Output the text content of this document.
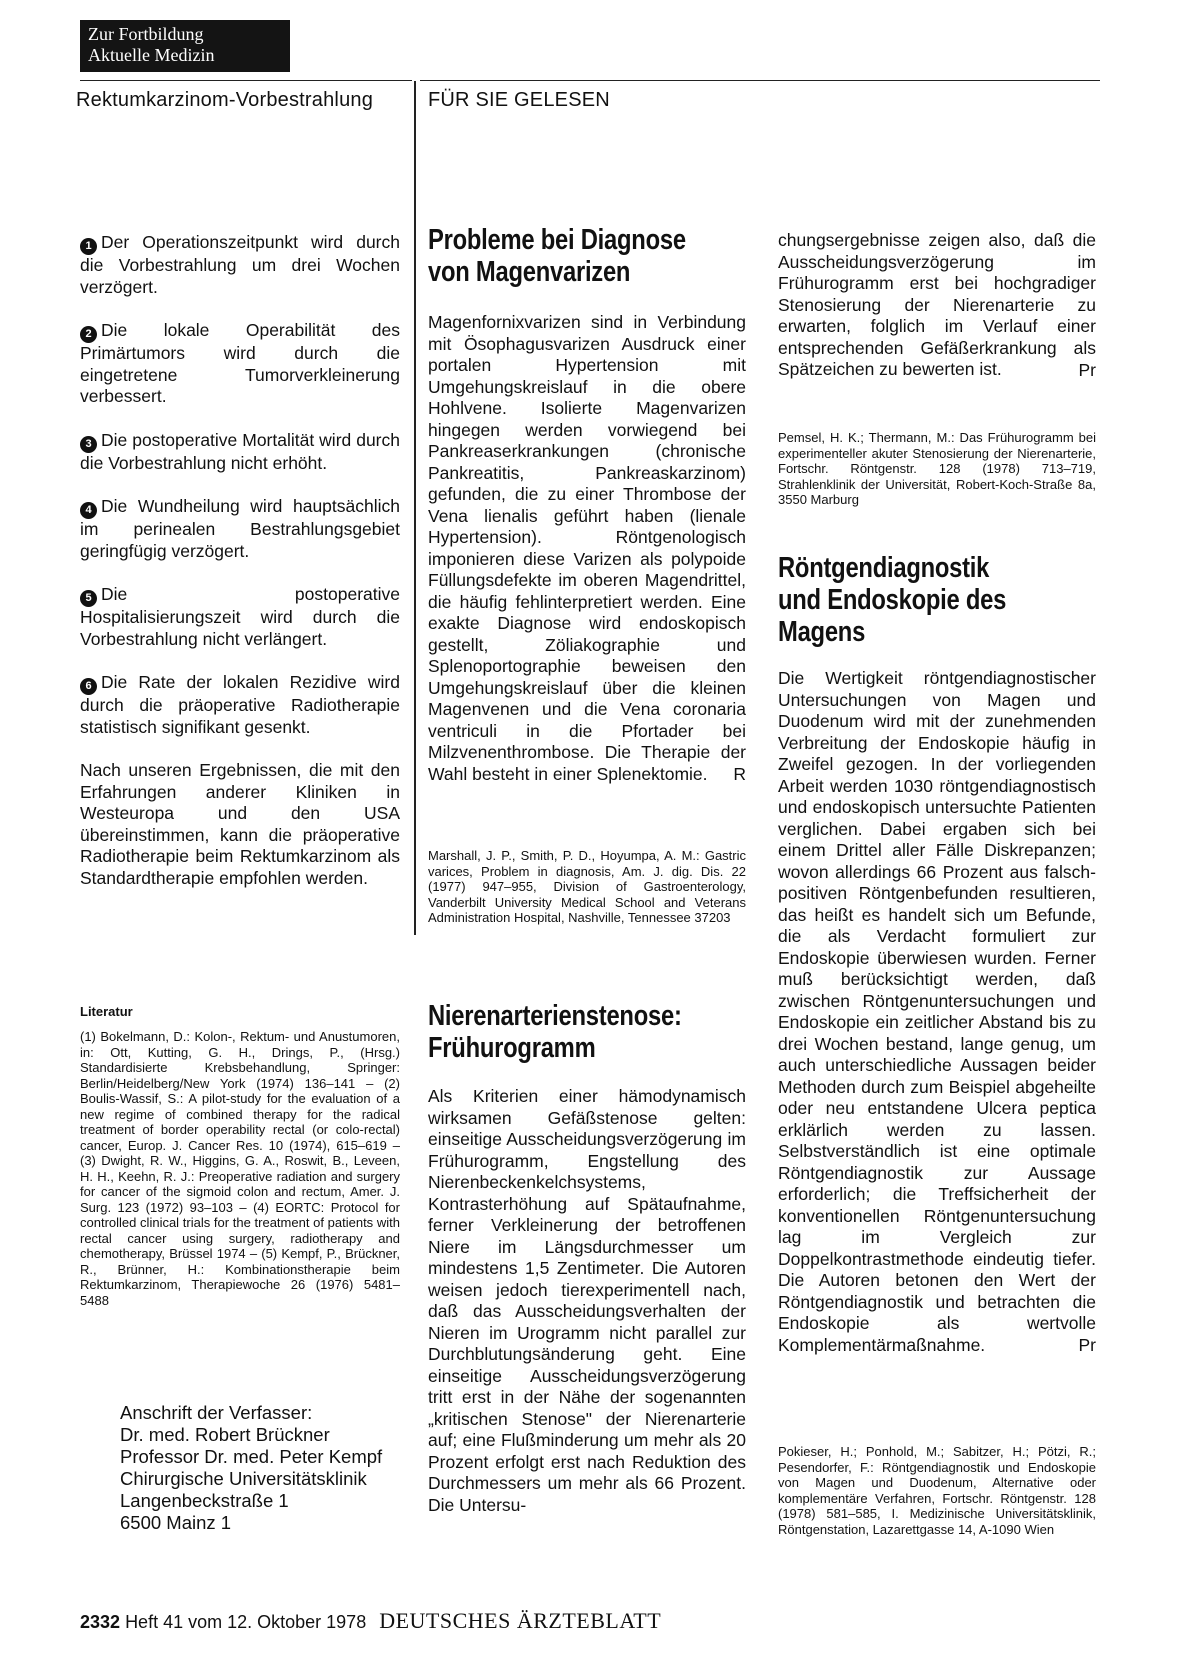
Zur Fortbildung
Aktuelle Medizin
Rektumkarzinom-Vorbestrahlung	FÜR SIE GELESEN

1 Der Operationszeitpunkt wird durch die Vorbestrahlung um drei Wochen verzögert.

2 Die lokale Operabilität des Primärtumors wird durch die eingetretene Tumorverkleinerung verbessert.

3 Die postoperative Mortalität wird durch die Vorbestrahlung nicht erhöht.

4 Die Wundheilung wird hauptsächlich im perinealen Bestrahlungsgebiet geringfügig verzögert.

5 Die postoperative Hospitalisierungszeit wird durch die Vorbestrahlung nicht verlängert.

6 Die Rate der lokalen Rezidive wird durch die präoperative Radiotherapie statistisch signifikant gesenkt.

Nach unseren Ergebnissen, die mit den Erfahrungen anderer Kliniken in Westeuropa und den USA übereinstimmen, kann die präoperative Radiotherapie beim Rektumkarzinom als Standardtherapie empfohlen werden.

Literatur
(1) Bokelmann, D.: Kolon-, Rektum- und Anustumoren, in: Ott, Kutting, G. H., Drings, P., (Hrsg.) Standardisierte Krebsbehandlung, Springer: Berlin/Heidelberg/New York (1974) 136–141 – (2) Boulis-Wassif, S.: A pilot-study for the evaluation of a new regime of combined therapy for the radical treatment of border operability rectal (or colo-rectal) cancer, Europ. J. Cancer Res. 10 (1974), 615–619 – (3) Dwight, R. W., Higgins, G. A., Roswit, B., Leveen, H. H., Keehn, R. J.: Preoperative radiation and surgery for cancer of the sigmoid colon and rectum, Amer. J. Surg. 123 (1972) 93–103 – (4) EORTC: Protocol for controlled clinical trials for the treatment of patients with rectal cancer using surgery, radiotherapy and chemotherapy, Brüssel 1974 – (5) Kempf, P., Brückner, R., Brünner, H.: Kombinationstherapie beim Rektumkarzinom, Therapiewoche 26 (1976) 5481–5488
Anschrift der Verfasser:
Dr. med. Robert Brückner
Professor Dr. med. Peter Kempf
Chirurgische Universitätsklinik
Langenbeckstraße 1
6500 Mainz 1
Probleme bei Diagnose von Magenvarizen

Magenfornixvarizen sind in Verbindung mit Ösophagusvarizen Ausdruck einer portalen Hypertension mit Umgehungskreislauf in die obere Hohlvene. Isolierte Magenvarizen hingegen werden vorwiegend bei Pankreaserkrankungen (chronische Pankreatitis, Pankreaskarzinom) gefunden, die zu einer Thrombose der Vena lienalis geführt haben (lienale Hypertension). Röntgenologisch imponieren diese Varizen als polypoide Füllungsdefekte im oberen Magendrittel, die häufig fehlinterpretiert werden. Eine exakte Diagnose wird endoskopisch gestellt, Zöliakographie und Splenoportographie beweisen den Umgehungskreislauf über die kleinen Magenvenen und die Vena coronaria ventriculi in die Pfortader bei Milzvenenthrombose. Die Therapie der Wahl besteht in einer Splenektomie.	R
Marshall, J. P., Smith, P. D., Hoyumpa, A. M.: Gastric varices, Problem in diagnosis, Am. J. dig. Dis. 22 (1977) 947–955, Division of Gastroenterology, Vanderbilt University Medical School and Veterans Administration Hospital, Nashville, Tennessee 37203
Nierenarterienstenose: Frühurogramm

Als Kriterien einer hämodynamisch wirksamen Gefäßstenose gelten: einseitige Ausscheidungsverzögerung im Frühurogramm, Engstellung des Nierenbeckenkelchsystems, Kontrasterhöhung auf Spätaufnahme, ferner Verkleinerung der betroffenen Niere im Längsdurchmesser um mindestens 1,5 Zentimeter. Die Autoren weisen jedoch tierexperimentell nach, daß das Ausscheidungsverhalten der Nieren im Urogramm nicht parallel zur Durchblutungsänderung geht. Eine einseitige Ausscheidungsverzögerung tritt erst in der Nähe der sogenannten „kritischen Stenose" der Nierenarterie auf; eine Flußminderung um mehr als 20 Prozent erfolgt erst nach Reduktion des Durchmessers um mehr als 66 Prozent. Die Untersu-

chungsergebnisse zeigen also, daß die Ausscheidungsverzögerung im Frühurogramm erst bei hochgradiger Stenosierung der Nierenarterie zu erwarten, folglich im Verlauf einer entsprechenden Gefäßerkrankung als Spätzeichen zu bewerten ist.	Pr
Pemsel, H. K.; Thermann, M.: Das Frühurogramm bei experimenteller akuter Stenosierung der Nierenarterie, Fortschr. Röntgenstr. 128 (1978) 713–719, Strahlenklinik der Universität, Robert-Koch-Straße 8a, 3550 Marburg
Röntgendiagnostik und Endoskopie des Magens

Die Wertigkeit röntgendiagnostischer Untersuchungen von Magen und Duodenum wird mit der zunehmenden Verbreitung der Endoskopie häufig in Zweifel gezogen. In der vorliegenden Arbeit werden 1030 röntgendiagnostisch und endoskopisch untersuchte Patienten verglichen. Dabei ergaben sich bei einem Drittel aller Fälle Diskrepanzen; wovon allerdings 66 Prozent aus falsch-positiven Röntgenbefunden resultieren, das heißt es handelt sich um Befunde, die als Verdacht formuliert zur Endoskopie überwiesen wurden. Ferner muß berücksichtigt werden, daß zwischen Röntgenuntersuchungen und Endoskopie ein zeitlicher Abstand bis zu drei Wochen bestand, lange genug, um auch unterschiedliche Aussagen beider Methoden durch zum Beispiel abgeheilte oder neu entstandene Ulcera peptica erklärlich werden zu lassen. Selbstverständlich ist eine optimale Röntgendiagnostik zur Aussage erforderlich; die Treffsicherheit der konventionellen Röntgenuntersuchung lag im Vergleich zur Doppelkontrastmethode eindeutig tiefer. Die Autoren betonen den Wert der Röntgendiagnostik und betrachten die Endoskopie als wertvolle Komplementärmaßnahme.	Pr
Pokieser, H.; Ponhold, M.; Sabitzer, H.; Pötzi, R.; Pesendorfer, F.: Röntgendiagnostik und Endoskopie von Magen und Duodenum, Alternative oder komplementäre Verfahren, Fortschr. Röntgenstr. 128 (1978) 581–585, I. Medizinische Universitätsklinik, Röntgenstation, Lazarettgasse 14, A-1090 Wien
2332 Heft 41 vom 12. Oktober 1978 DEUTSCHES ÄRZTEBLATT
